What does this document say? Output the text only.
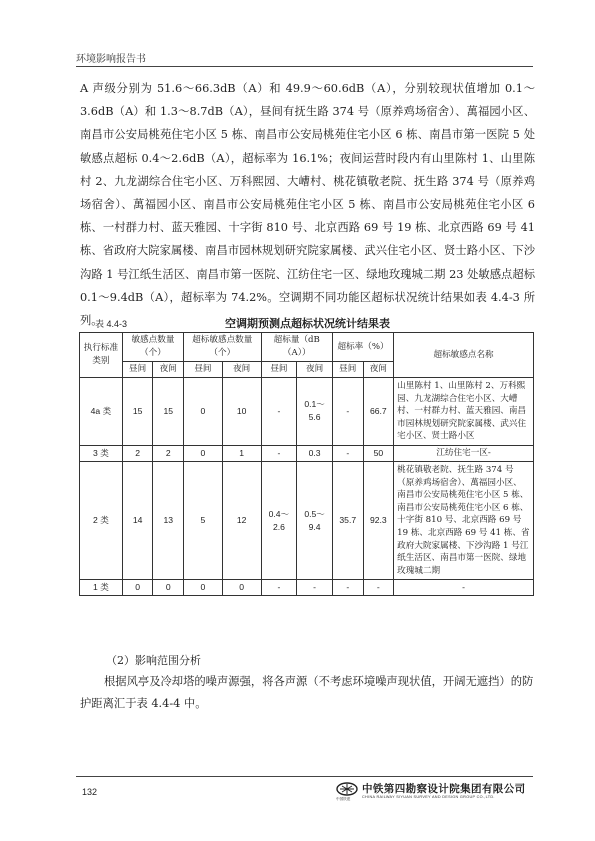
环境影响报告书
A 声级分别为 51.6～66.3dB（A）和 49.9～60.6dB（A），分别较现状值增加 0.1～3.6dB（A）和 1.3～8.7dB（A），昼间有抚生路 374 号（原养鸡场宿舍）、萬福园小区、南昌市公安局桃苑住宅小区 5 栋、南昌市公安局桃苑住宅小区 6 栋、南昌市第一医院 5 处敏感点超标 0.4～2.6dB（A），超标率为 16.1%；夜间运营时段内有山里陈村 1、山里陈村 2、九龙湖综合住宅小区、万科熙园、大嶆村、桃花镇敬老院、抚生路 374 号（原养鸡场宿舍）、萬福园小区、南昌市公安局桃苑住宅小区 5 栋、南昌市公安局桃苑住宅小区 6 栋、一村群力村、蓝天雅园、十字街 810 号、北京西路 69 号 19 栋、北京西路 69 号 41 栋、省政府大院家属楼、南昌市园林规划研究院家属楼、武兴住宅小区、贤士路小区、下沙沟路 1 号江纸生活区、南昌市第一医院、江纺住宅一区、绿地玫瑰城二期 23 处敏感点超标 0.1～9.4dB（A），超标率为 74.2%。空调期不同功能区超标状况统计结果如表 4.4-3 所列。
表 4.4-3	空调期预测点超标状况统计结果表
执行标准类别	敏感点数量（个）		超标敏感点数量（个）		超标量（dB（A））		超标率（%）		超标敏感点名称
	昼间	夜间	昼间	夜间	昼间	夜间	昼间	夜间	
4a 类	15	15	0	10	-	0.1～5.6	-	66.7	山里陈村 1、山里陈村 2、万科熙园、九龙湖综合住宅小区、大嶆村、一村群力村、蓝天雅园、南昌市园林规划研究院家属楼、武兴住宅小区、贤士路小区
3 类	2	2	0	1	-	0.3	-	50	江纺住宅一区-
2 类	14	13	5	12	0.4～2.6	0.5～9.4	35.7	92.3	桃花镇敬老院、抚生路 374 号（原养鸡场宿舍）、萬福园小区、南昌市公安局桃苑住宅小区 5 栋、南昌市公安局桃苑住宅小区 6 栋、十字街 810 号、北京西路 69 号 19 栋、北京西路 69 号 41 栋、省政府大院家属楼、下沙沟路 1 号江纸生活区、南昌市第一医院、绿地玫瑰城二期
1 类	0	0	0	0	-	-	-	-	-
（2）影响范围分析
根据风亭及冷却塔的噪声源强，将各声源（不考虑环境噪声现状值，开阔无遮挡）的防护距离汇于表 4.4-4 中。
132
中国铁建
中铁第四勘察设计院集团有限公司
CHINA RAILWAY SIYUAN SURVEY AND DESIGN GROUP CO.,LTD.
